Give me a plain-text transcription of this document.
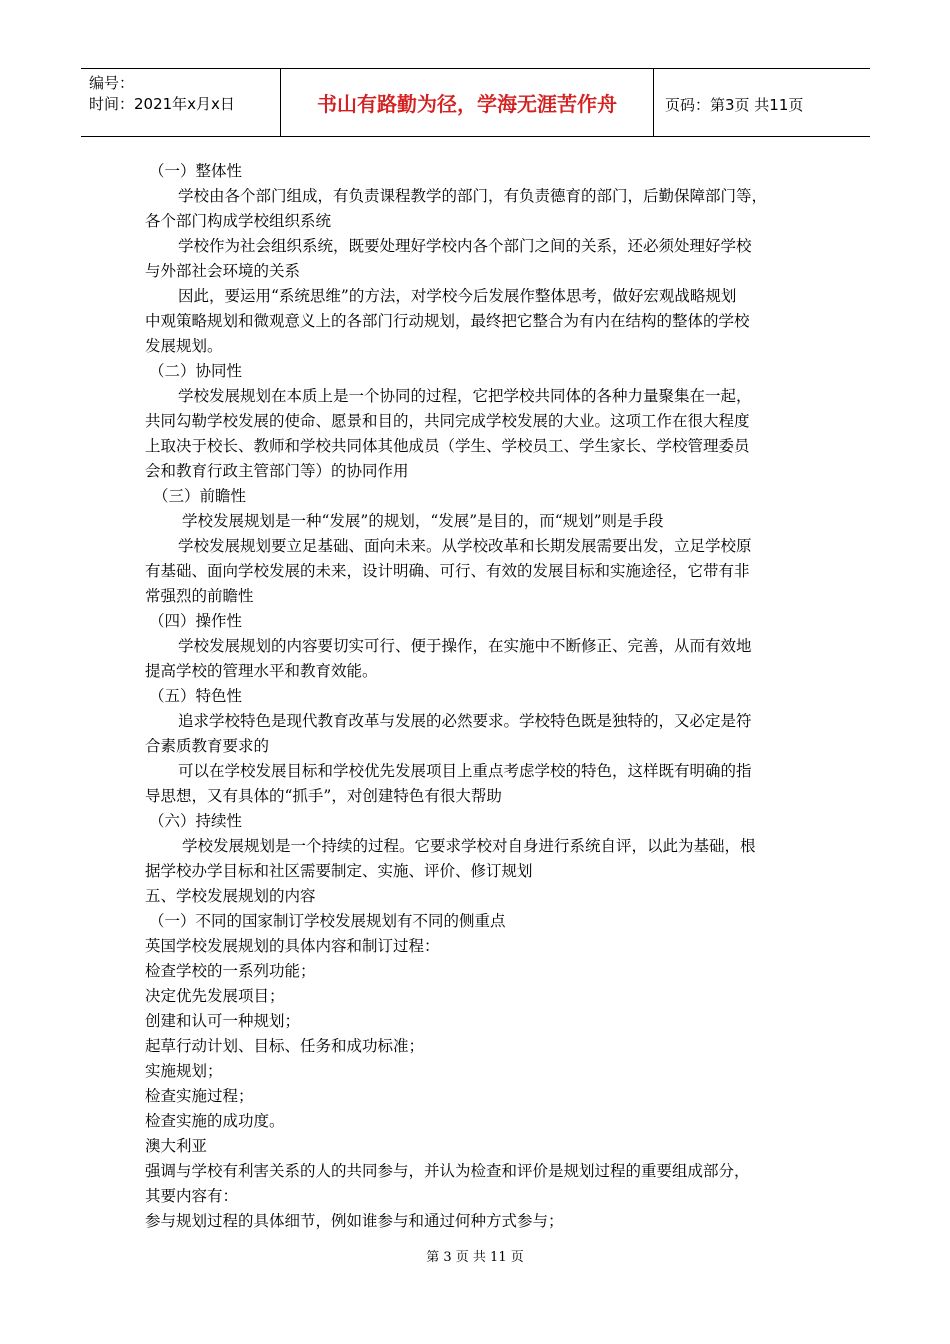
编号：
时间：2021年x月x日	书山有路勤为径，学海无涯苦作舟	页码：第3页 共11页
（一）整体性
学校由各个部门组成，有负责课程教学的部门，有负责德育的部门，后勤保障部门等，
各个部门构成学校组织系统
学校作为社会组织系统，既要处理好学校内各个部门之间的关系，还必须处理好学校
与外部社会环境的关系
因此，要运用“系统思维”的方法，对学校今后发展作整体思考，做好宏观战略规划
中观策略规划和微观意义上的各部门行动规划，最终把它整合为有内在结构的整体的学校
发展规划。
（二）协同性
学校发展规划在本质上是一个协同的过程，它把学校共同体的各种力量聚集在一起，
共同勾勒学校发展的使命、愿景和目的，共同完成学校发展的大业。这项工作在很大程度
上取决于校长、教师和学校共同体其他成员（学生、学校员工、学生家长、学校管理委员
会和教育行政主管部门等）的协同作用
（三）前瞻性
学校发展规划是一种“发展”的规划，“发展”是目的，而“规划”则是手段
学校发展规划要立足基础、面向未来。从学校改革和长期发展需要出发，立足学校原
有基础、面向学校发展的未来，设计明确、可行、有效的发展目标和实施途径，它带有非
常强烈的前瞻性
（四）操作性
学校发展规划的内容要切实可行、便于操作，在实施中不断修正、完善，从而有效地
提高学校的管理水平和教育效能。
（五）特色性
追求学校特色是现代教育改革与发展的必然要求。学校特色既是独特的，又必定是符
合素质教育要求的
可以在学校发展目标和学校优先发展项目上重点考虑学校的特色，这样既有明确的指
导思想，又有具体的“抓手”，对创建特色有很大帮助
（六）持续性
学校发展规划是一个持续的过程。它要求学校对自身进行系统自评，以此为基础，根
据学校办学目标和社区需要制定、实施、评价、修订规划
五、学校发展规划的内容
（一）不同的国家制订学校发展规划有不同的侧重点
英国学校发展规划的具体内容和制订过程：
检查学校的一系列功能；
决定优先发展项目；
创建和认可一种规划；
起草行动计划、目标、任务和成功标准；
实施规划；
检查实施过程；
检查实施的成功度。
澳大利亚
强调与学校有利害关系的人的共同参与，并认为检查和评价是规划过程的重要组成部分，
其要内容有：
参与规划过程的具体细节，例如谁参与和通过何种方式参与；
第 3 页 共 11 页
